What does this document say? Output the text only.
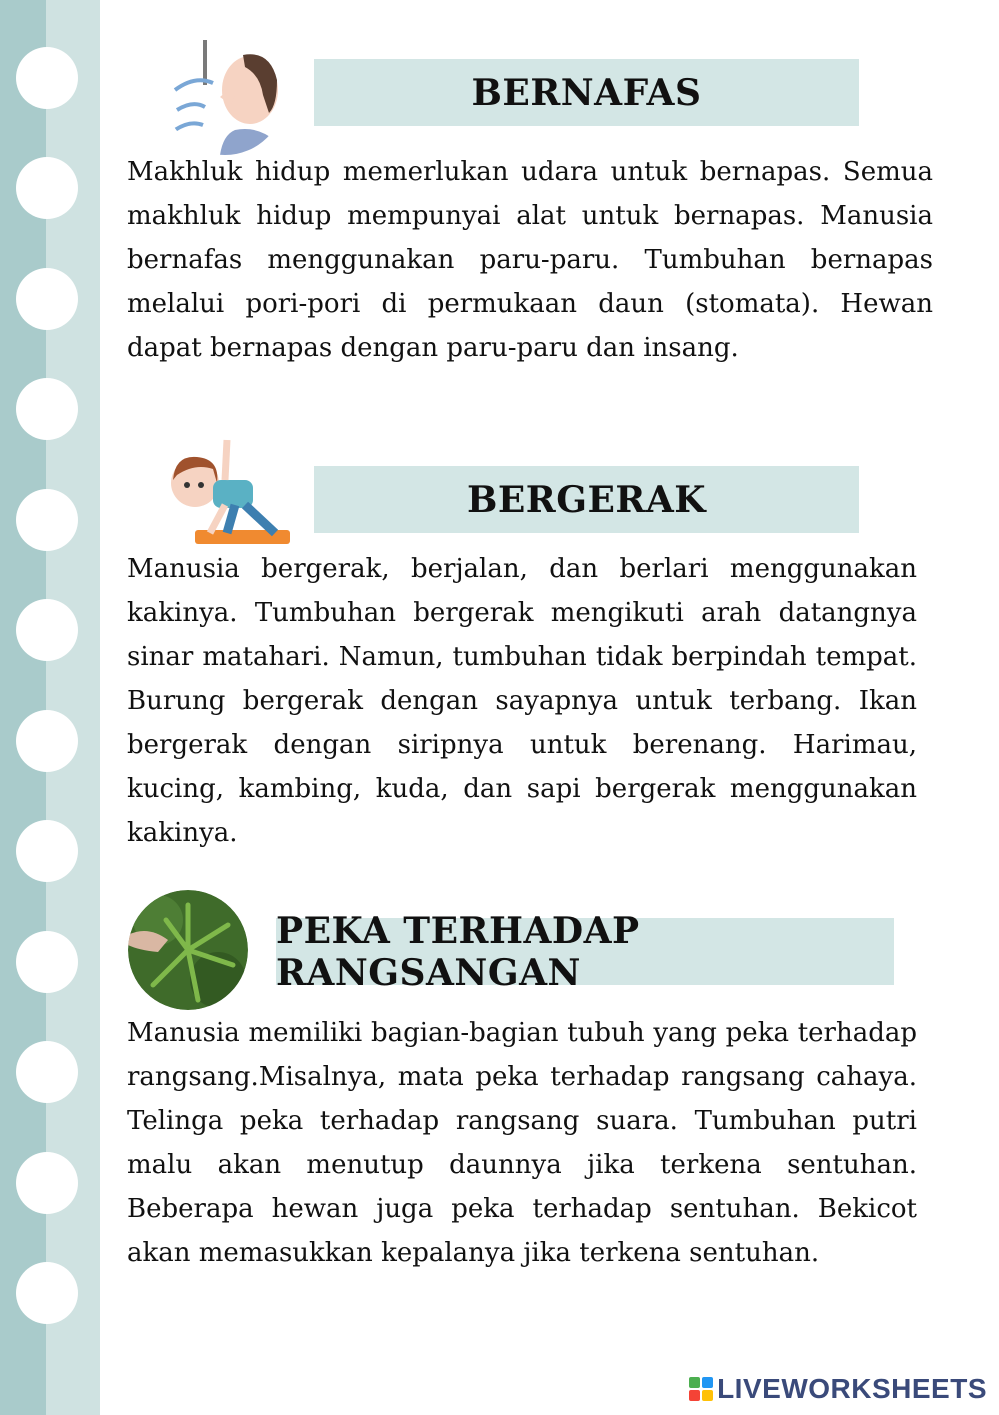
BERNAFAS

Makhluk hidup memerlukan udara untuk bernapas. Semua makhluk hidup mempunyai alat untuk bernapas. Manusia bernafas menggunakan paru-paru. Tumbuhan bernapas melalui pori-pori di permukaan daun (stomata). Hewan dapat bernapas dengan paru-paru dan insang.

BERGERAK

Manusia bergerak, berjalan, dan berlari menggunakan kakinya. Tumbuhan bergerak mengikuti arah datangnya sinar matahari. Namun, tumbuhan tidak berpindah tempat. Burung bergerak dengan sayapnya untuk terbang. Ikan bergerak dengan siripnya untuk berenang. Harimau, kucing, kambing, kuda, dan sapi bergerak menggunakan kakinya.

PEKA TERHADAP RANGSANGAN

Manusia memiliki bagian-bagian tubuh yang peka terhadap rangsang.Misalnya, mata peka terhadap rangsang cahaya. Telinga peka terhadap rangsang suara. Tumbuhan putri malu akan menutup daunnya jika terkena sentuhan. Beberapa hewan juga peka terhadap sentuhan. Bekicot akan memasukkan kepalanya jika terkena sentuhan.

LIVEWORKSHEETS
